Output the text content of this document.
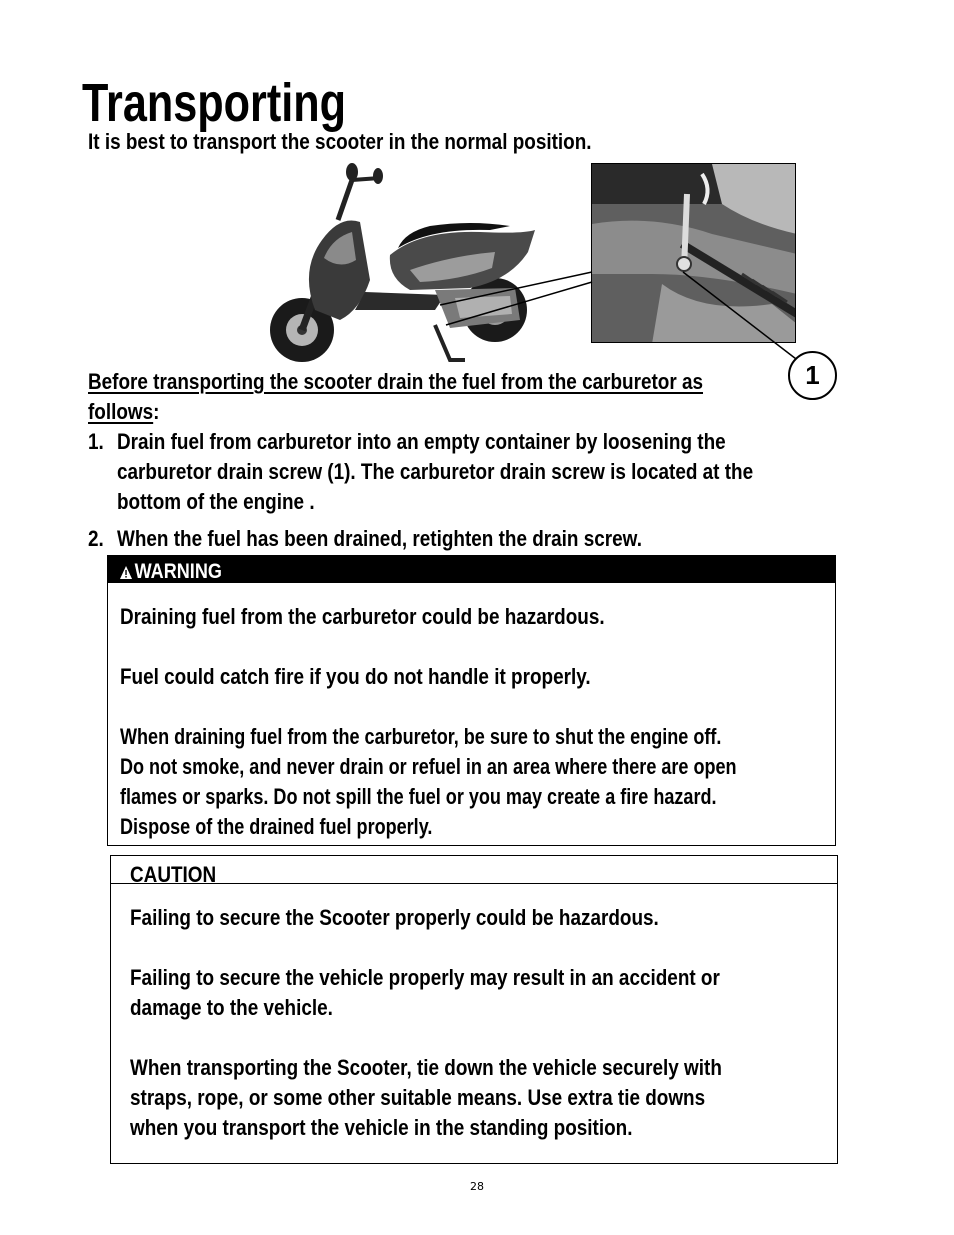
Transporting
It is best to transport the scooter in the normal position.
1
Before transporting the scooter drain the fuel from the carburetor as
follows:
1. Drain fuel from carburetor into an empty container by loosening the
carburetor drain screw (1). The carburetor drain screw is located at the
bottom of the engine .
2. When the fuel has been drained, retighten the drain screw.
WARNING
Draining fuel from the carburetor could be hazardous.
Fuel could catch fire if you do not handle it properly.
When draining fuel from the carburetor, be sure to shut the engine off.
Do not smoke, and never drain or refuel in an area where there are open
flames or sparks. Do not spill the fuel or you may create a fire hazard.
Dispose of the drained fuel properly.
CAUTION
Failing to secure the Scooter properly could be hazardous.
Failing to secure the vehicle properly may result in an accident or
damage to the vehicle.
When transporting the Scooter, tie down the vehicle securely with
straps, rope, or some other suitable means. Use extra tie downs
when you transport the vehicle in the standing position.
28
